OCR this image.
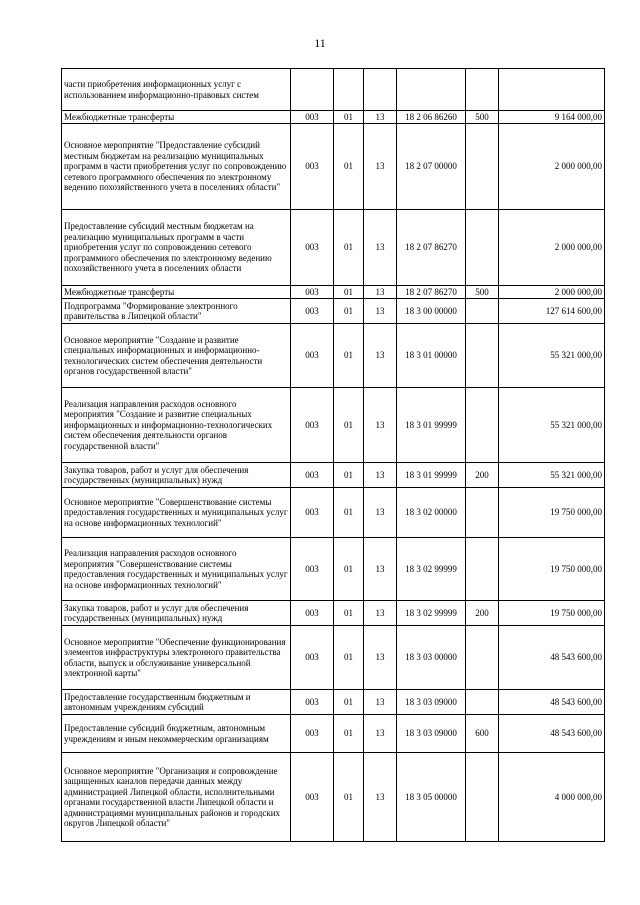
11
части приобретения информационных услуг с использованием информационно-правовых систем						
Межбюджетные трансферты	003	01	13	18 2 06 86260	500	9 164 000,00
Основное мероприятие "Предоставление субсидий местным бюджетам на реализацию муниципальных программ в части приобретения услуг по сопровождению сетевого программного обеспечения по электронному ведению похозяйственного учета в поселениях области"	003	01	13	18 2 07 00000		2 000 000,00
Предоставление субсидий местным бюджетам на реализацию муниципальных программ в части приобретения услуг по сопровождению сетевого программного обеспечения по электронному ведению похозяйственного учета в поселениях области	003	01	13	18 2 07 86270		2 000 000,00
Межбюджетные трансферты	003	01	13	18 2 07 86270	500	2 000 000,00
Подпрограмма "Формирование электронного правительства в Липецкой области"	003	01	13	18 3 00 00000		127 614 600,00
Основное мероприятие "Создание и развитие специальных информационных и информационно-технологических систем обеспечения деятельности органов государственной власти"	003	01	13	18 3 01 00000		55 321 000,00
Реализация направления расходов основного мероприятия "Создание и развитие специальных информационных и информационно-технологических систем обеспечения деятельности органов государственной власти"	003	01	13	18 3 01 99999		55 321 000,00
Закупка товаров, работ и услуг для обеспечения государственных (муниципальных) нужд	003	01	13	18 3 01 99999	200	55 321 000,00
Основное мероприятие "Совершенствование системы предоставления государственных и муниципальных услуг на основе информационных технологий"	003	01	13	18 3 02 00000		19 750 000,00
Реализация направления расходов основного мероприятия "Совершенствование системы предоставления государственных и муниципальных услуг на основе информационных технологий"	003	01	13	18 3 02 99999		19 750 000,00
Закупка товаров, работ и услуг для обеспечения государственных (муниципальных) нужд	003	01	13	18 3 02 99999	200	19 750 000,00
Основное мероприятие "Обеспечение функционирования элементов инфраструктуры электронного правительства области, выпуск и обслуживание универсальной электронной карты"	003	01	13	18 3 03 00000		48 543 600,00
Предоставление государственным бюджетным и автономным учреждениям субсидий	003	01	13	18 3 03 09000		48 543 600,00
Предоставление субсидий бюджетным, автономным учреждениям и иным некоммерческим организациям	003	01	13	18 3 03 09000	600	48 543 600,00
Основное мероприятие "Организация и сопровождение защищенных каналов передачи данных между администрацией Липецкой области, исполнительными органами государственной власти Липецкой области и администрациями муниципальных районов и городских округов Липецкой области"	003	01	13	18 3 05 00000		4 000 000,00
